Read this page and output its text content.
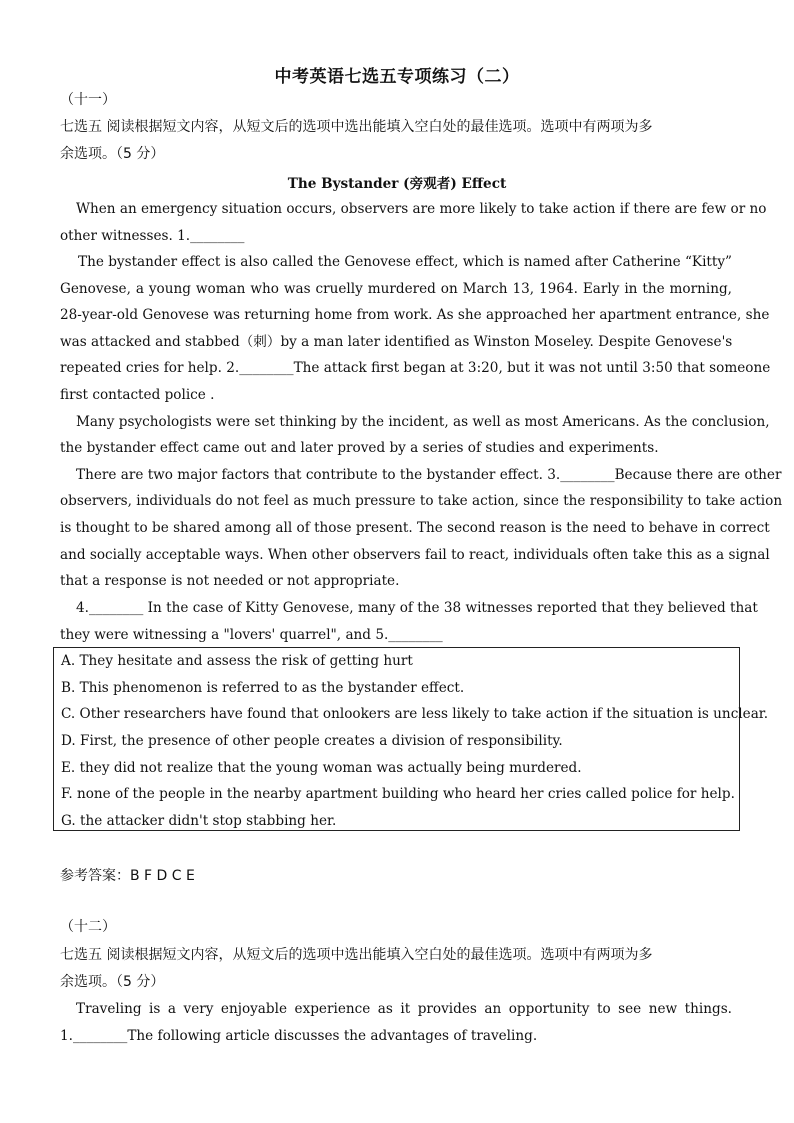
中考英语七选五专项练习（二）
（十一）
七选五 阅读根据短文内容，从短文后的选项中选出能填入空白处的最佳选项。选项中有两项为多
余选项。（5 分）
The Bystander (旁观者) Effect
When an emergency situation occurs, observers are more likely to take action if there are few or no
other witnesses. 1.________
The bystander effect is also called the Genovese effect, which is named after Catherine “Kitty”
Genovese, a young woman who was cruelly murdered on March 13, 1964. Early in the morning,
28-year-old Genovese was returning home from work. As she approached her apartment entrance, she
was attacked and stabbed（刺）by a man later identified as Winston Moseley. Despite Genovese's
repeated cries for help. 2.________The attack first began at 3:20, but it was not until 3:50 that someone
first contacted police .
Many psychologists were set thinking by the incident, as well as most Americans. As the conclusion,
the bystander effect came out and later proved by a series of studies and experiments.
There are two major factors that contribute to the bystander effect. 3.________Because there are other
observers, individuals do not feel as much pressure to take action, since the responsibility to take action
is thought to be shared among all of those present. The second reason is the need to behave in correct
and socially acceptable ways. When other observers fail to react, individuals often take this as a signal
that a response is not needed or not appropriate.
4.________ In the case of Kitty Genovese, many of the 38 witnesses reported that they believed that
they were witnessing a "lovers' quarrel", and 5.________
A. They hesitate and assess the risk of getting hurt
B. This phenomenon is referred to as the bystander effect.
C. Other researchers have found that onlookers are less likely to take action if the situation is unclear.
D. First, the presence of other people creates a division of responsibility.
E. they did not realize that the young woman was actually being murdered.
F. none of the people in the nearby apartment building who heard her cries called police for help.
G. the attacker didn't stop stabbing her.
参考答案：B F D C E
（十二）
七选五 阅读根据短文内容，从短文后的选项中选出能填入空白处的最佳选项。选项中有两项为多
余选项。（5 分）
Traveling is a very enjoyable experience as it provides an opportunity to see new things.
1.________The following article discusses the advantages of traveling.
